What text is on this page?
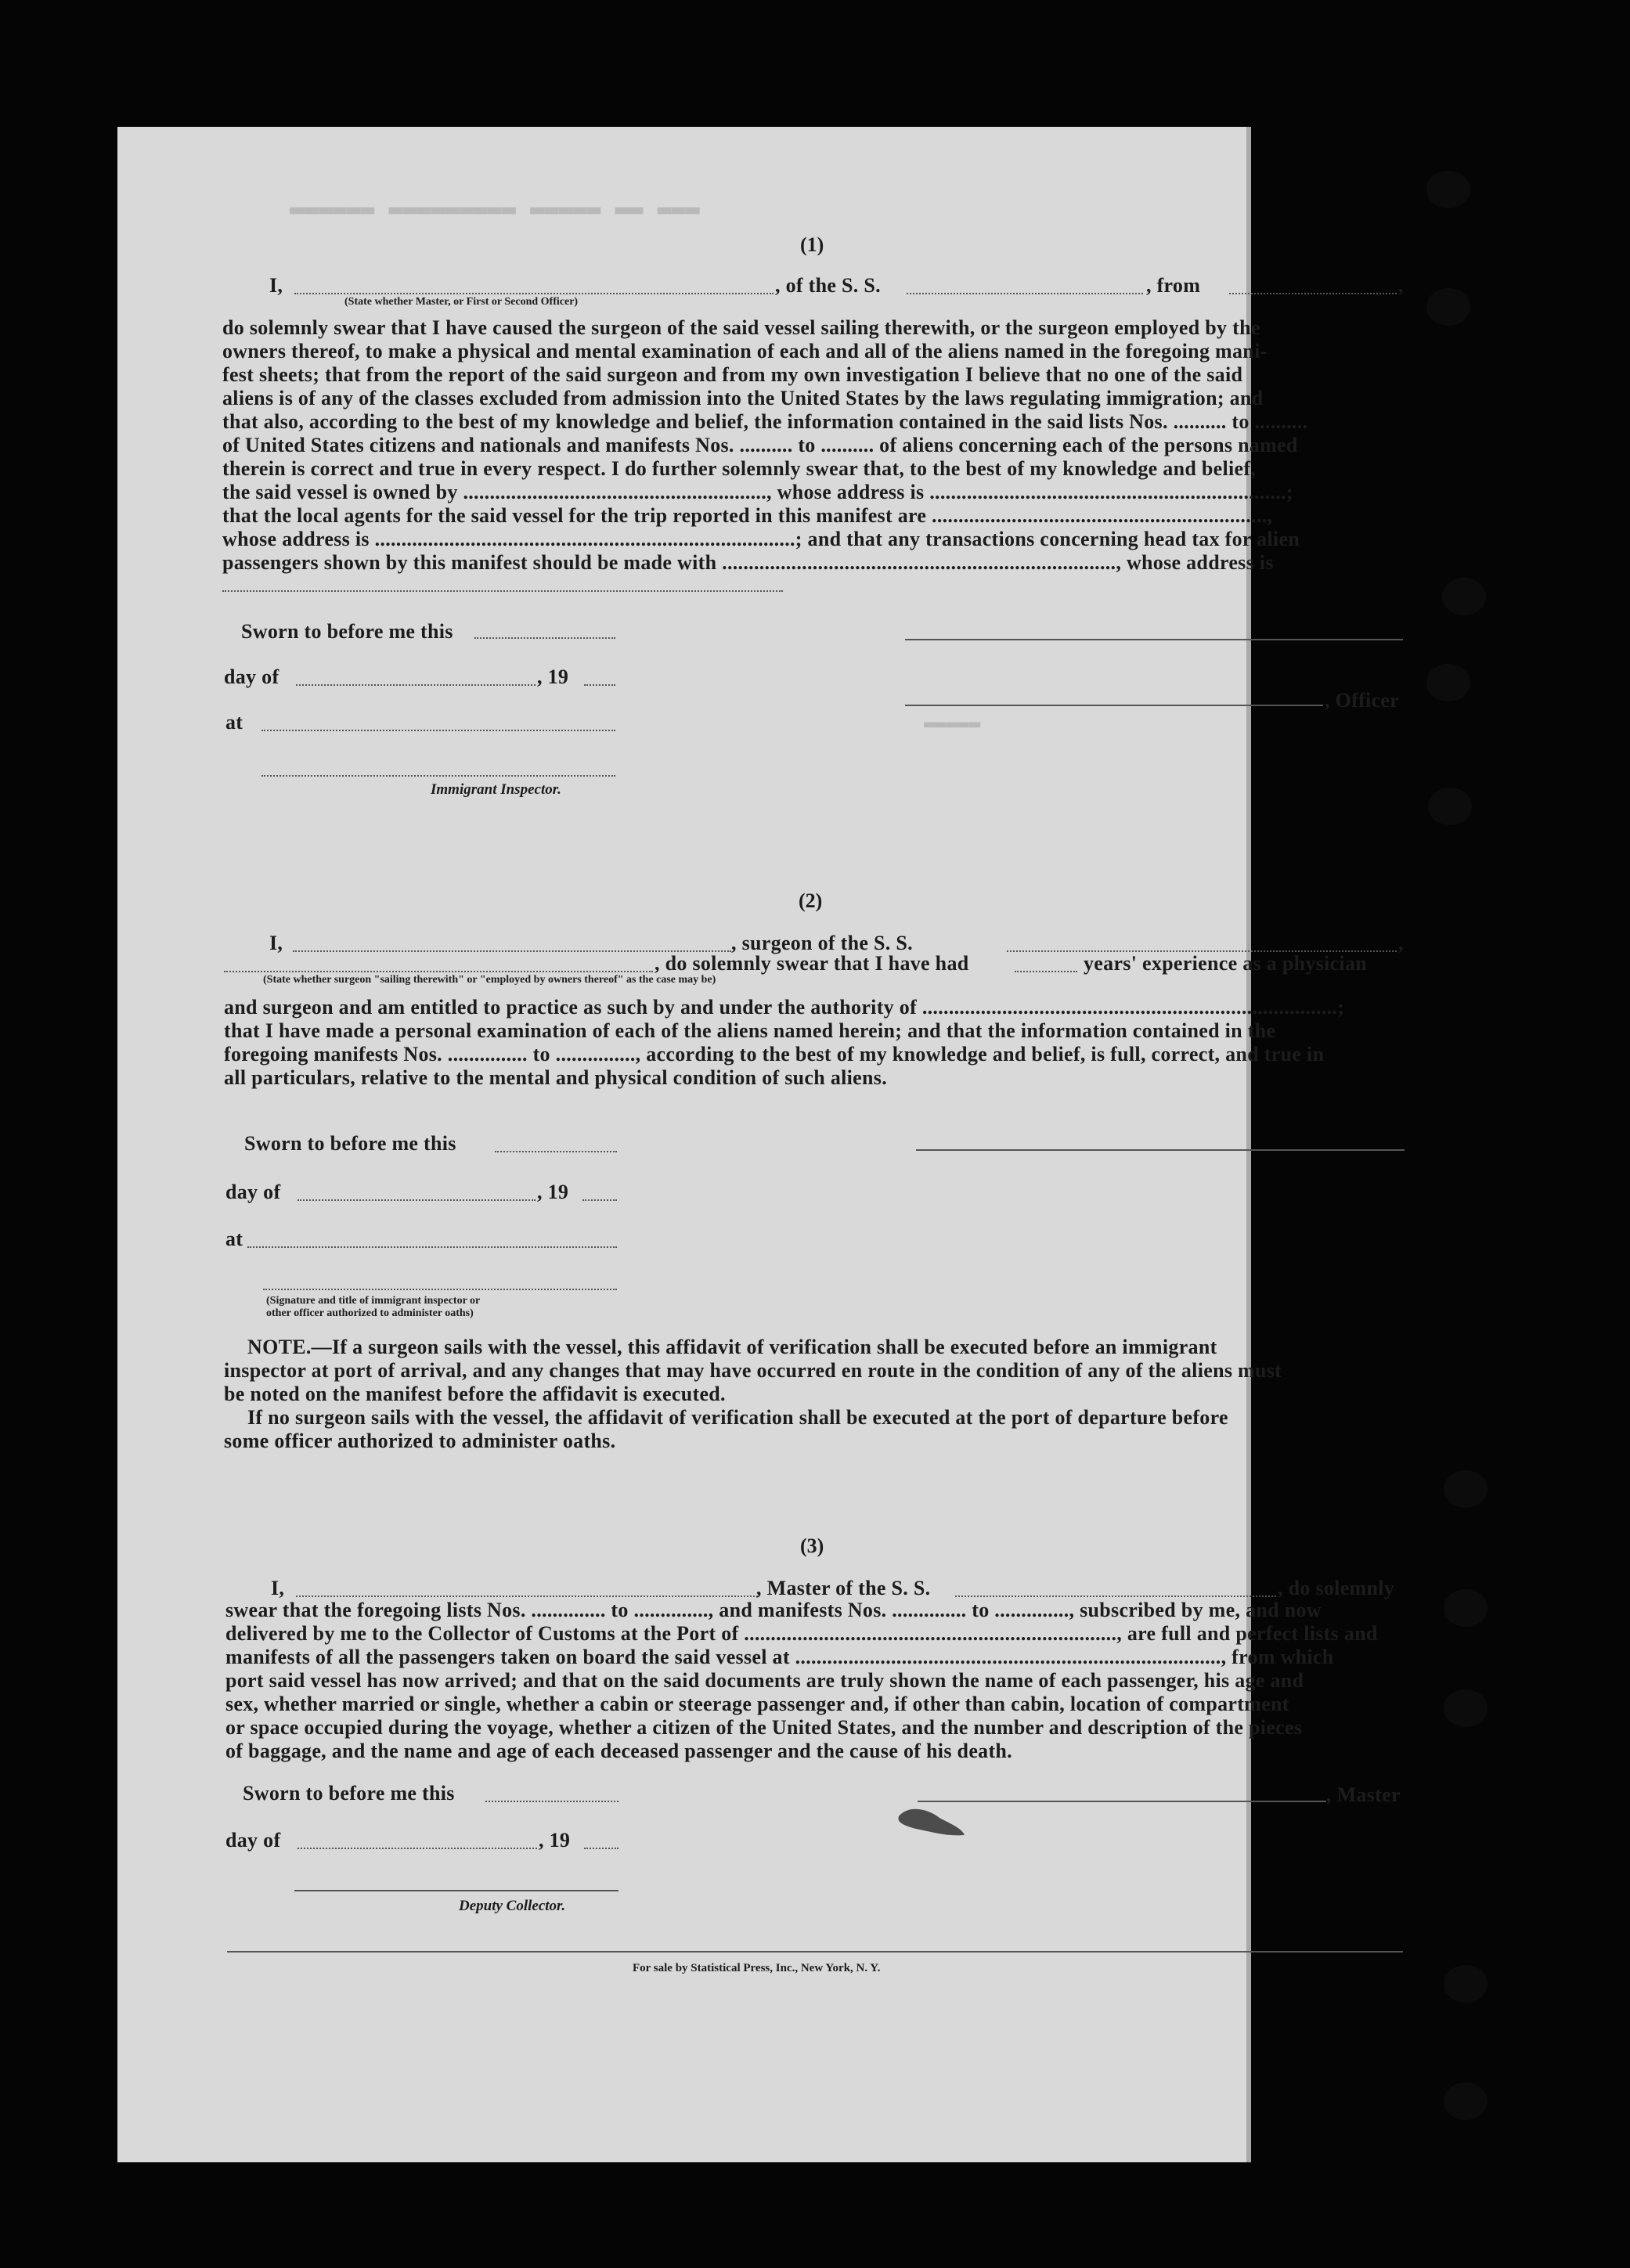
▬▬▬ ▬▬ ▬▬▬▬▬ ▬▬▬▬▬▬▬▬▬ ▬▬▬▬▬▬
▬▬▬▬▬
(1)
I,	, of the S. S.	, from	,
(State whether Master, or First or Second Officer)
do solemnly swear that I have caused the surgeon of the said vessel sailing therewith, or the surgeon employed by the
owners thereof, to make a physical and mental examination of each and all of the aliens named in the foregoing mani-
fest sheets; that from the report of the said surgeon and from my own investigation I believe that no one of the said
aliens is of any of the classes excluded from admission into the United States by the laws regulating immigration; and
that also, according to the best of my knowledge and belief, the information contained in the said lists Nos. .......... to ..........
of United States citizens and nationals and manifests Nos. .......... to .......... of aliens concerning each of the persons named
therein is correct and true in every respect. I do further solemnly swear that, to the best of my knowledge and belief,
the said vessel is owned by ........................................................., whose address is ...................................................................;
that the local agents for the said vessel for the trip reported in this manifest are ...............................................................,
whose address is ...............................................................................; and that any transactions concerning head tax for alien
passengers shown by this manifest should be made with .........................................................................., whose address is
Sworn to before me this
day of	, 19
, Officer
at
Immigrant Inspector.
(2)
I,	, surgeon of the S. S.	,
, do solemnly swear that I have had	years' experience as a physician
(State whether surgeon "sailing therewith" or "employed by owners thereof" as the case may be)
and surgeon and am entitled to practice as such by and under the authority of ..............................................................................;
that I have made a personal examination of each of the aliens named herein; and that the information contained in the
foregoing manifests Nos. ............... to ..............., according to the best of my knowledge and belief, is full, correct, and true in
all particulars, relative to the mental and physical condition of such aliens.
Sworn to before me this
day of	, 19
at
(Signature and title of immigrant inspector or
other officer authorized to administer oaths)
NOTE.—If a surgeon sails with the vessel, this affidavit of verification shall be executed before an immigrant
inspector at port of arrival, and any changes that may have occurred en route in the condition of any of the aliens must
be noted on the manifest before the affidavit is executed.
If no surgeon sails with the vessel, the affidavit of verification shall be executed at the port of departure before
some officer authorized to administer oaths.
(3)
I,	, Master of the S. S.	, do solemnly
swear that the foregoing lists Nos. .............. to .............., and manifests Nos. .............. to .............., subscribed by me, and now
delivered by me to the Collector of Customs at the Port of ......................................................................, are full and perfect lists and
manifests of all the passengers taken on board the said vessel at ................................................................................, from which
port said vessel has now arrived; and that on the said documents are truly shown the name of each passenger, his age and
sex, whether married or single, whether a cabin or steerage passenger and, if other than cabin, location of compartment
or space occupied during the voyage, whether a citizen of the United States, and the number and description of the pieces
of baggage, and the name and age of each deceased passenger and the cause of his death.
Sworn to before me this	, Master
day of	, 19
Deputy Collector.
For sale by Statistical Press, Inc., New York, N. Y.
